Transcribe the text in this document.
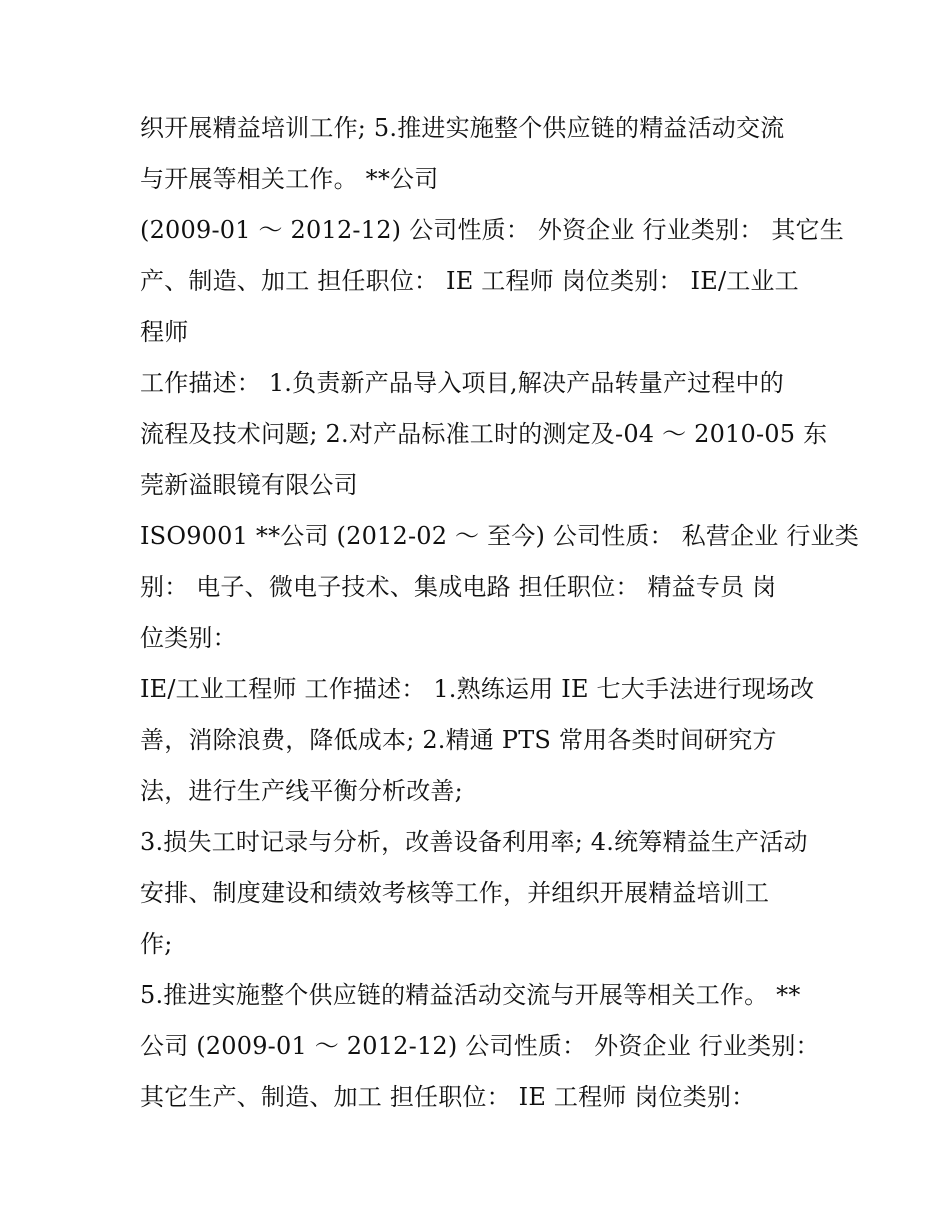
织开展精益培训工作; 5.推进实施整个供应链的精益活动交流
与开展等相关工作。 **公司
(2009-01 ～ 2012-12) 公司性质： 外资企业 行业类别： 其它生
产、制造、加工 担任职位： IE 工程师 岗位类别： IE/工业工
程师
工作描述： 1.负责新产品导入项目,解决产品转量产过程中的
流程及技术问题; 2.对产品标准工时的测定及-04 ～ 2010-05 东
莞新溢眼镜有限公司
ISO9001 **公司 (2012-02 ～ 至今) 公司性质： 私营企业 行业类
别： 电子、微电子技术、集成电路 担任职位： 精益专员 岗
位类别：
IE/工业工程师 工作描述： 1.熟练运用 IE 七大手法进行现场改
善，消除浪费，降低成本; 2.精通 PTS 常用各类时间研究方
法，进行生产线平衡分析改善;
3.损失工时记录与分析，改善设备利用率; 4.统筹精益生产活动
安排、制度建设和绩效考核等工作，并组织开展精益培训工
作;
5.推进实施整个供应链的精益活动交流与开展等相关工作。 **
公司 (2009-01 ～ 2012-12) 公司性质： 外资企业 行业类别：
其它生产、制造、加工 担任职位： IE 工程师 岗位类别：
